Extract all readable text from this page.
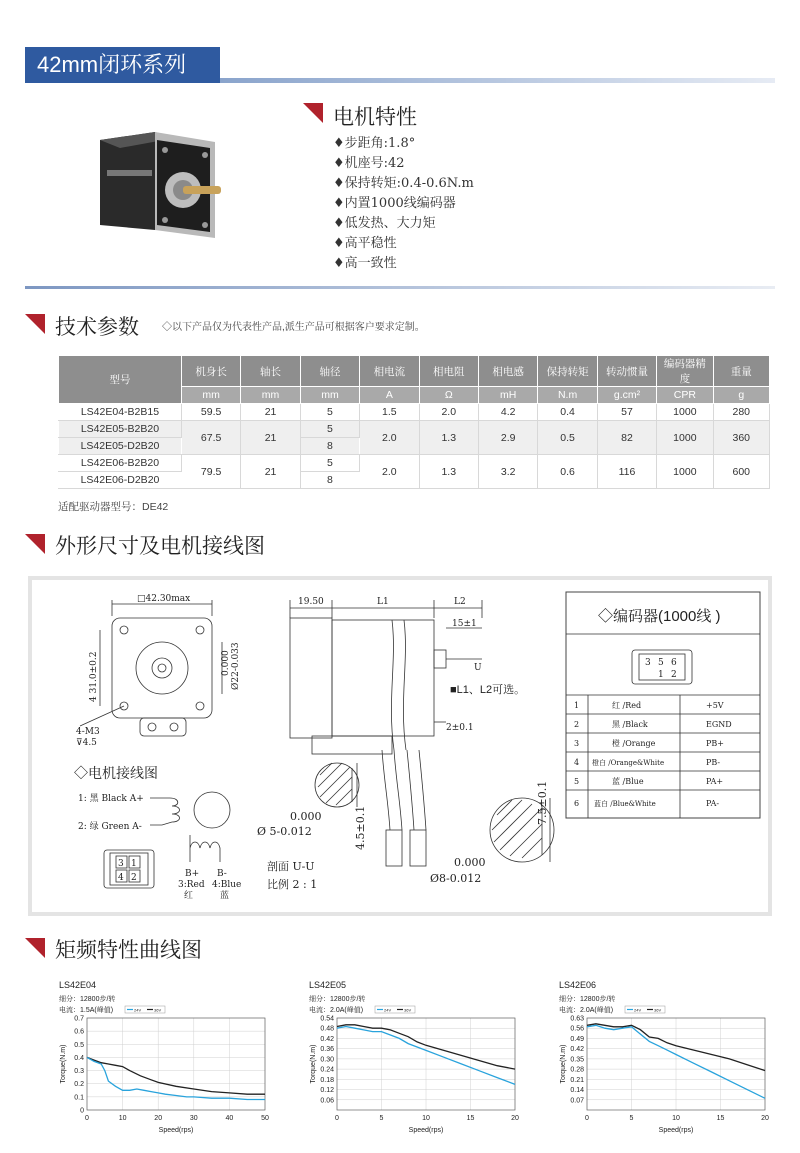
42mm闭环系列
电机特性
♦步距角:1.8°
♦机座号:42
♦保持转矩:0.4-0.6N.m
♦内置1000线编码器
♦低发热、大力矩
♦高平稳性
♦高一致性
技术参数 ◇以下产品仅为代表性产品,派生产品可根据客户要求定制。
型号	机身长	轴长	轴径	相电流	相电阻	相电感	保持转矩	转动惯量	编码器精度	重量
	mm	mm	mm	A	Ω	mH	N.m	g.cm²	CPR	g
LS42E04-B2B15	59.5	21	5	1.5	2.0	4.2	0.4	57	1000	280
LS42E05-B2B20	67.5	21	5	2.0	1.3	2.9	0.5	82	1000	360
LS42E05-D2B20			8							
LS42E06-B2B20	79.5	21	5	2.0	1.3	3.2	0.6	116	1000	600
LS42E06-D2B20			8							
适配驱动器型号：DE42
外形尺寸及电机接线图
□42.30max
4 31.0±0.2	0.000 Ø22-0.033
4-M3
⊽4.5
19.50	L1	L2
15±1
2±0.1
U
■L1、L2可选。
0.000
Ø 5-0.012	4.5±0.1
0.000
Ø8-0.012
7.5±0.1
剖面 U-U
比例 2 : 1
◇电机接线图
1: 黑 Black A+
2: 绿 Green A-
B+ B-
3:Red 4:Blue
红	蓝
3 1
4 2
◇编码器(1000线 )
3 5 6
1 2
1	红 /Red	+5V
2	黑 /Black	EGND
3	橙 /Orange	PB+
4 橙白 /Orange&White	PB-
5	蓝 /Blue	PA+
6 蓝白 /Blue&White	PA-
矩频特性曲线图
LS42E04
细分：12800步/转
电流：1.5A(峰值)	24V	36V
0
0.1
0.2
0.3
0.4
0.5
0.6
0.7
0	10	20	30	40	50
Speed(rps)
Torque(N.m)
LS42E05
细分：12800步/转
电流：2.0A(峰值)	24V	36V
0.06
0.12
0.18
0.24
0.30
0.36
0.42
0.48
0.54
0	5	10	15	20
Speed(rps)
Torque(N.m)
LS42E06
细分：12800步/转
电流：2.0A(峰值)	24V	36V
0.07
0.14
0.21
0.28
0.35
0.42
0.49
0.56
0.63
0	5	10	15	20
Speed(rps)
Torque(N.m)
